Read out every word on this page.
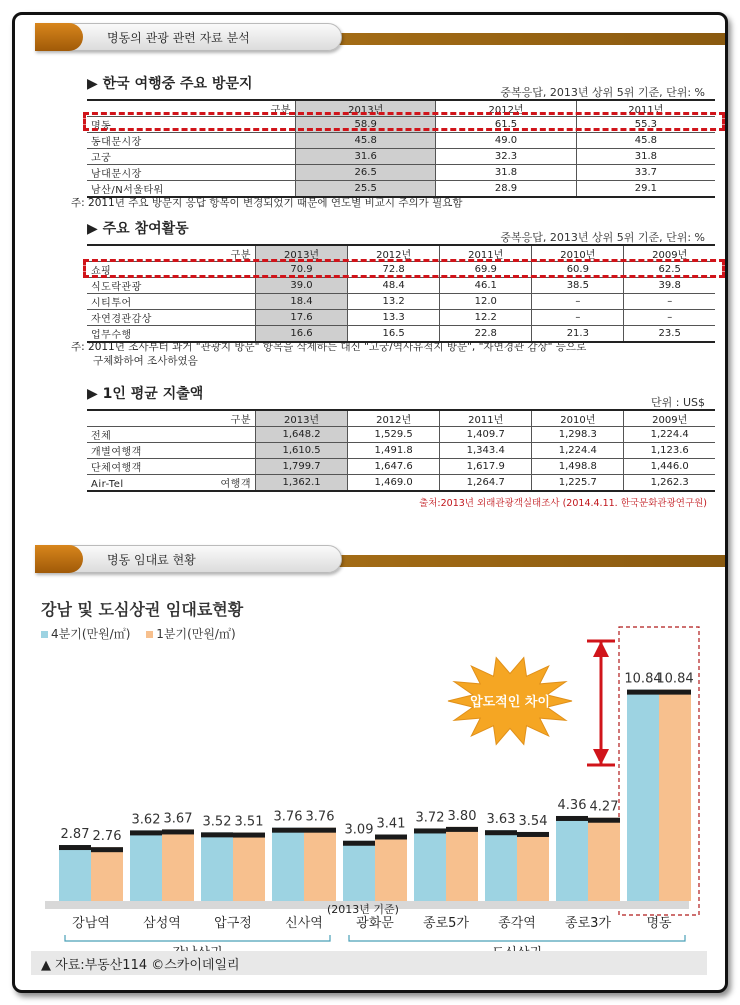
명동의 관광 관련 자료 분석
▶ 한국 여행중 주요 방문지
중복응답, 2013년 상위 5위 기준, 단위: %
구분	2013년	2012년	2011년
명동	58.9	61.5	55.3
동대문시장	45.8	49.0	45.8
고궁	31.6	32.3	31.8
남대문시장	26.5	31.8	33.7
남산/N서울타워	25.5	28.9	29.1
주: 2011년 주요 방문지 응답 항목이 변경되었기 때문에 연도별 비교시 주의가 필요함
▶ 주요 참여활동
중복응답, 2013년 상위 5위 기준, 단위: %
구분	2013년	2012년	2011년	2010년	2009년
쇼핑	70.9	72.8	69.9	60.9	62.5
식도락관광	39.0	48.4	46.1	38.5	39.8
시티투어	18.4	13.2	12.0	–	–
자연경관감상	17.6	13.3	12.2	–	–
업무수행	16.6	16.5	22.8	21.3	23.5
주: 2011년 조사부터 과거 "관광지 방문" 항목을 삭제하는 대신 "고궁/역사유적지 방문", "자연경관 감상" 등으로
구체화하여 조사하였음
▶ 1인 평균 지출액
단위 : US$
구분	2013년	2012년	2011년	2010년	2009년
전체	1,648.2	1,529.5	1,409.7	1,298.3	1,224.4
개별여행객	1,610.5	1,491.8	1,343.4	1,224.4	1,123.6
단체여행객	1,799.7	1,647.6	1,617.9	1,498.8	1,446.0
Air-Tel 여행객	1,362.1	1,469.0	1,264.7	1,225.7	1,262.3
출처:2013년 외래관광객실태조사 (2014.4.11. 한국문화관광연구원)
명동 임대료 현황
강남 및 도심상권 임대료현황
4분기(만원/㎡) 1분기(만원/㎡)
압도적인 차이
2.87 2.76
강남역
3.62 3.67
삼성역
3.52 3.51
압구정
3.76 3.76
신사역
3.09 3.41
광화문
3.72 3.80
종로5가
3.63 3.54
종각역
4.36 4.27
종로3가
10.84
10.84
명동
(2013년 기준)
▲ 자료:부동산114 ©스카이데일리
